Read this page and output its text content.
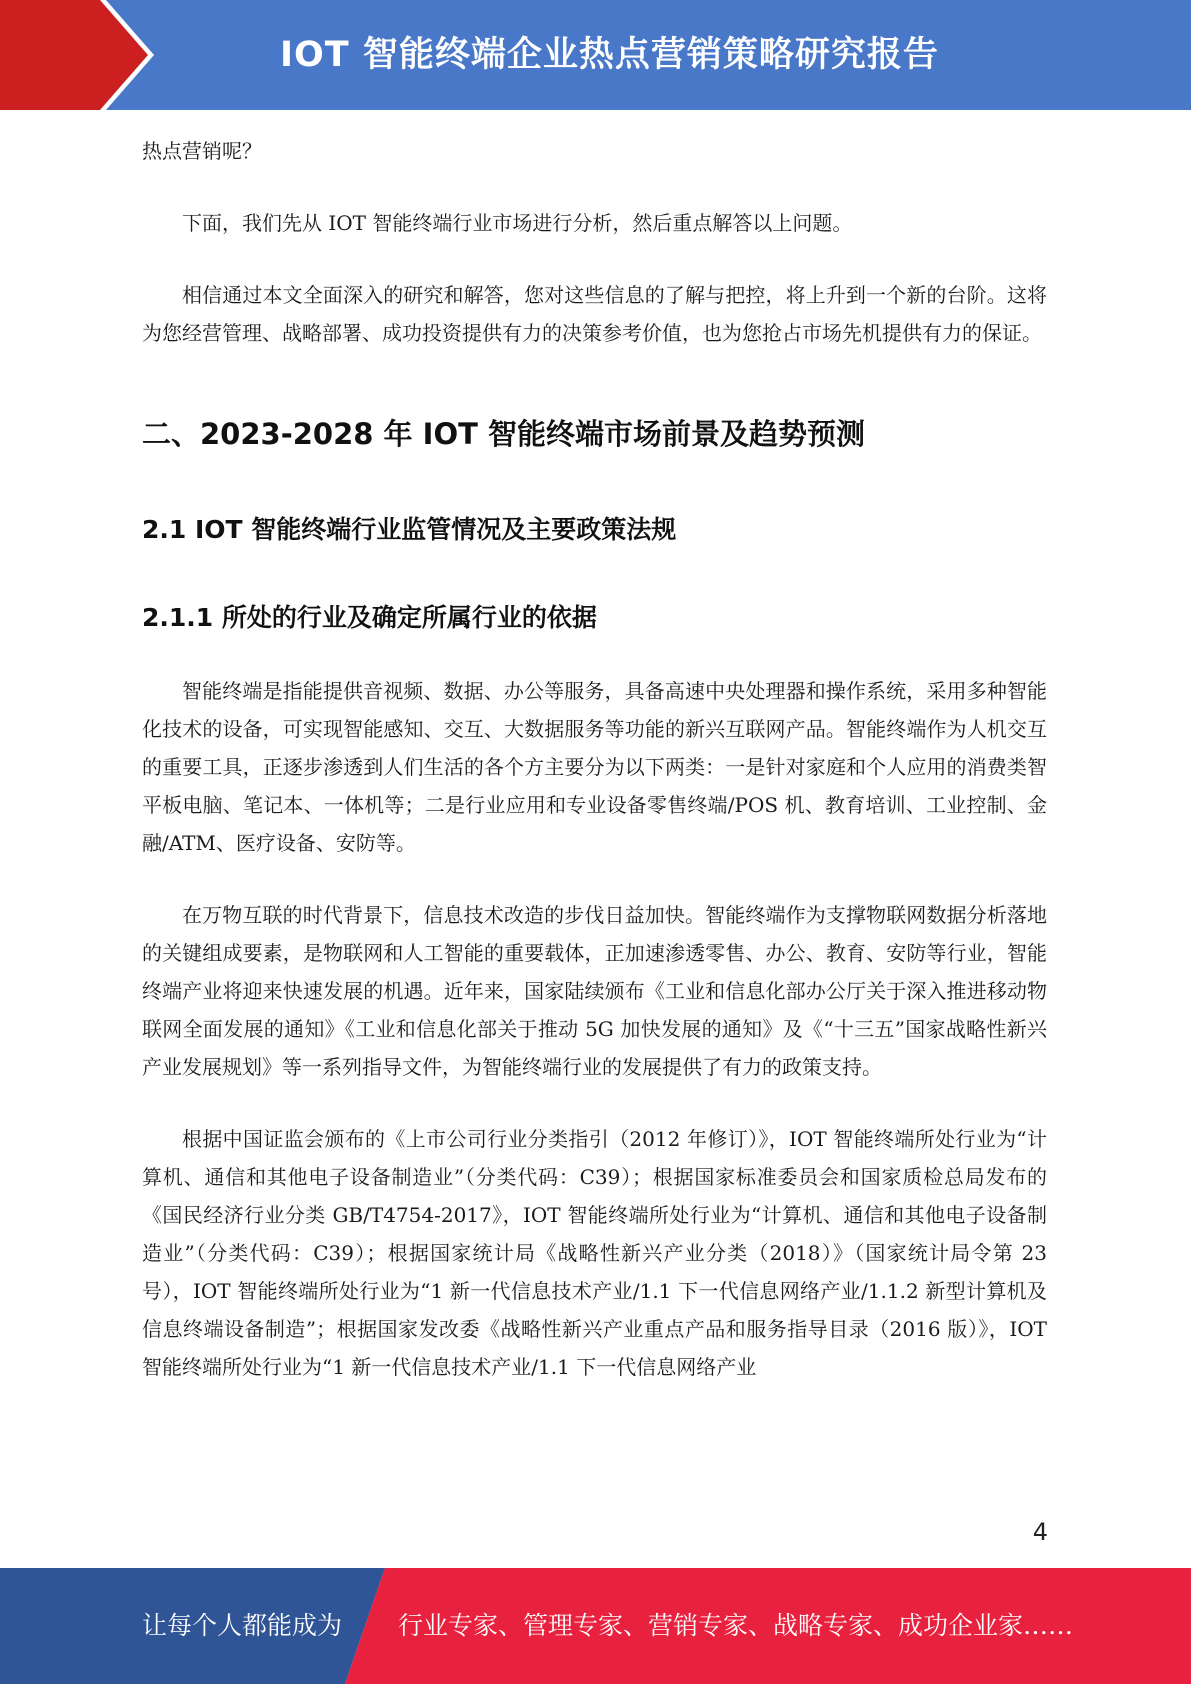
IOT 智能终端企业热点营销策略研究报告

热点营销呢？

下面，我们先从 IOT 智能终端行业市场进行分析，然后重点解答以上问题。

相信通过本文全面深入的研究和解答，您对这些信息的了解与把控，将上升到一个新的台阶。这将为您经营管理、战略部署、成功投资提供有力的决策参考价值，也为您抢占市场先机提供有力的保证。

二、2023-2028 年 IOT 智能终端市场前景及趋势预测
2.1 IOT 智能终端行业监管情况及主要政策法规
2.1.1 所处的行业及确定所属行业的依据

智能终端是指能提供音视频、数据、办公等服务，具备高速中央处理器和操作系统，采用多种智能化技术的设备，可实现智能感知、交互、大数据服务等功能的新兴互联网产品。智能终端作为人机交互的重要工具，正逐步渗透到人们生活的各个方主要分为以下两类：一是针对家庭和个人应用的消费类智平板电脑、笔记本、一体机等；二是行业应用和专业设备零售终端/POS 机、教育培训、工业控制、金融/ATM、医疗设备、安防等。

在万物互联的时代背景下，信息技术改造的步伐日益加快。智能终端作为支撑物联网数据分析落地的关键组成要素，是物联网和人工智能的重要载体，正加速渗透零售、办公、教育、安防等行业，智能终端产业将迎来快速发展的机遇。近年来，国家陆续颁布《工业和信息化部办公厅关于深入推进移动物联网全面发展的通知》《工业和信息化部关于推动 5G 加快发展的通知》及《“十三五”国家战略性新兴产业发展规划》等一系列指导文件，为智能终端行业的发展提供了有力的政策支持。

根据中国证监会颁布的《上市公司行业分类指引（2012 年修订）》，IOT 智能终端所处行业为“计算机、通信和其他电子设备制造业”（分类代码：C39）；根据国家标准委员会和国家质检总局发布的《国民经济行业分类 GB/T4754-2017》，IOT 智能终端所处行业为“计算机、通信和其他电子设备制造业”（分类代码：C39）；根据国家统计局《战略性新兴产业分类（2018）》（国家统计局令第 23 号），IOT 智能终端所处行业为“1 新一代信息技术产业/1.1 下一代信息网络产业/1.1.2 新型计算机及信息终端设备制造”；根据国家发改委《战略性新兴产业重点产品和服务指导目录（2016 版）》，IOT 智能终端所处行业为“1 新一代信息技术产业/1.1 下一代信息网络产业

4
让每个人都能成为 行业专家、管理专家、营销专家、战略专家、成功企业家……
